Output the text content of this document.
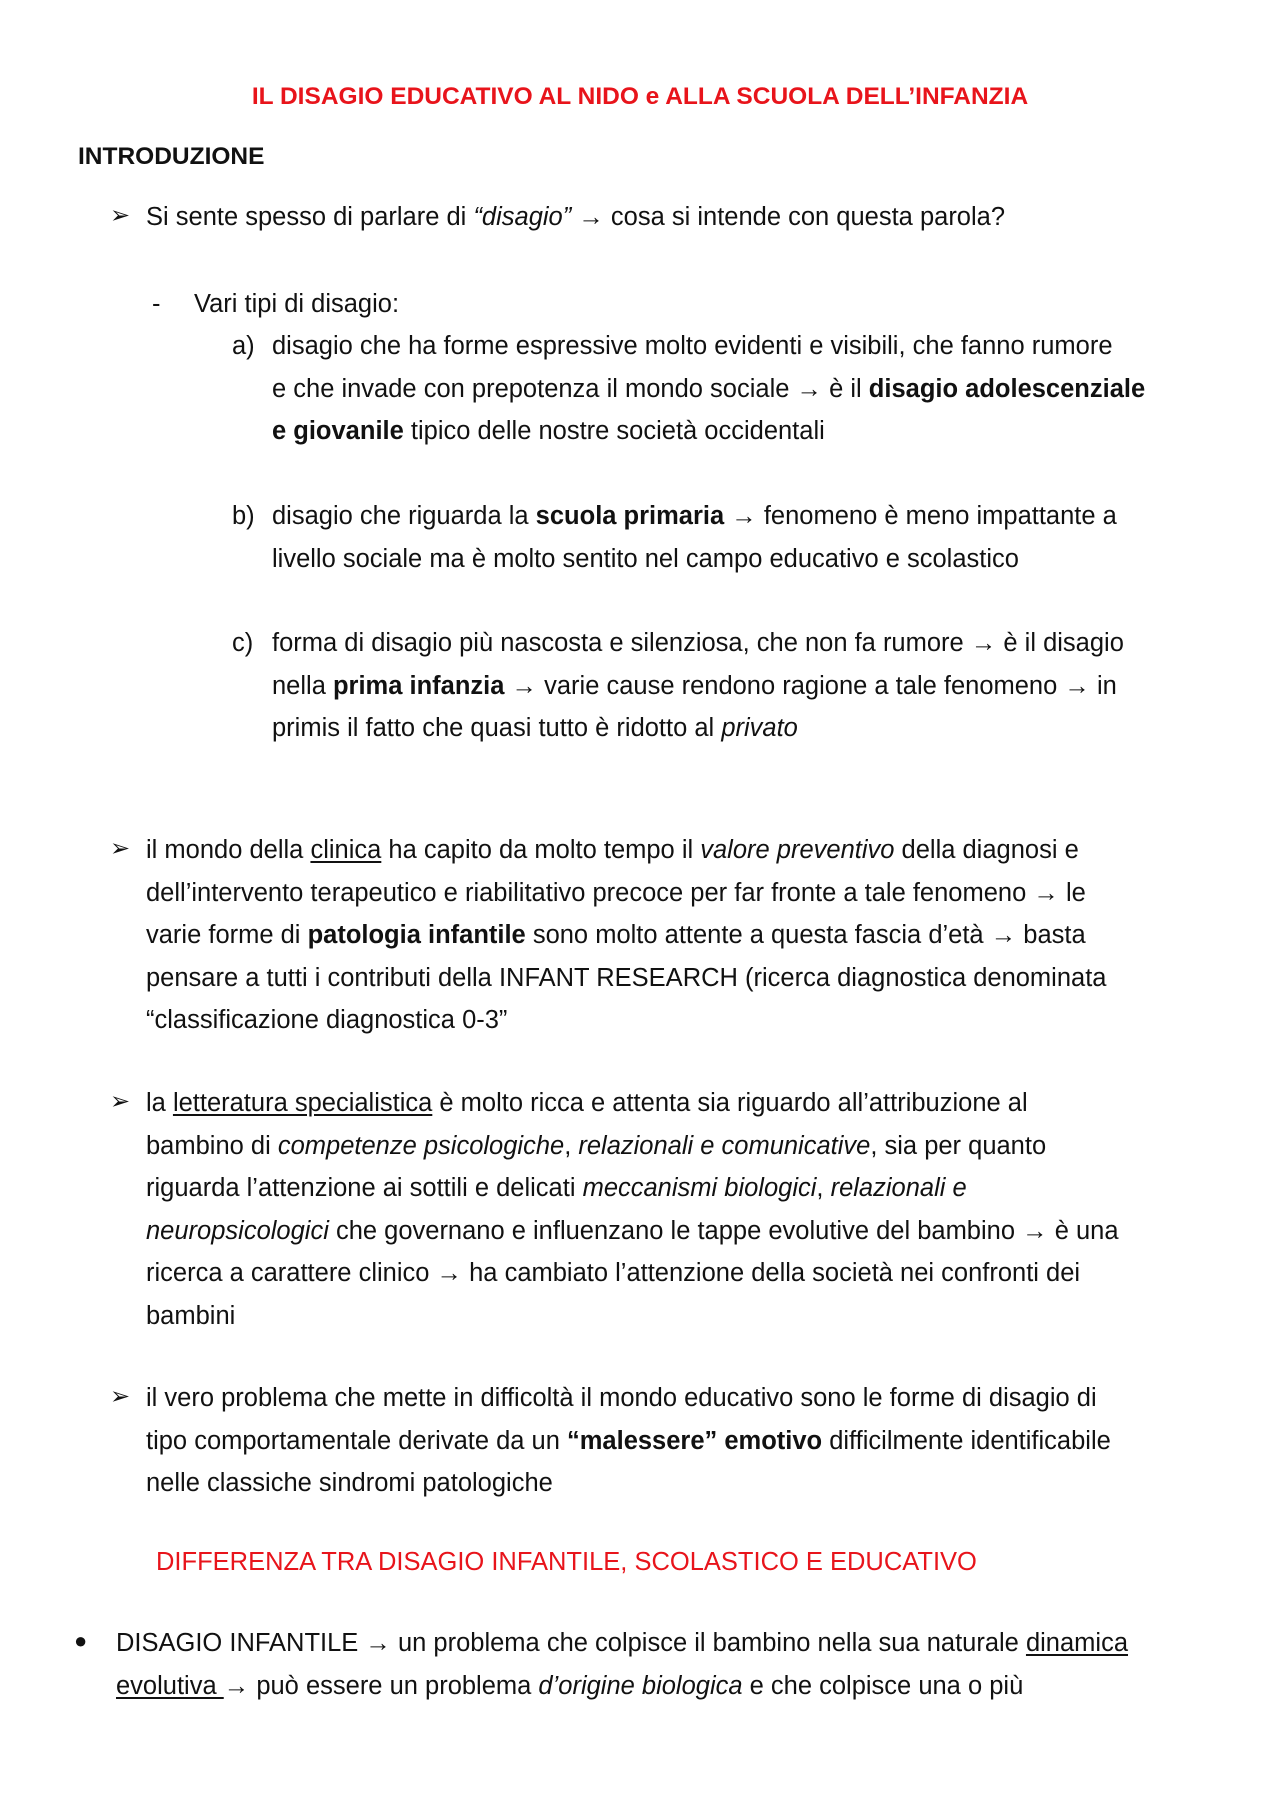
IL DISAGIO EDUCATIVO AL NIDO e ALLA SCUOLA DELL’INFANZIA
INTRODUZIONE
➢ Si sente spesso di parlare di “disagio” → cosa si intende con questa parola?
- Vari tipi di disagio:
a) disagio che ha forme espressive molto evidenti e visibili, che fanno rumore
e che invade con prepotenza il mondo sociale → è il disagio adolescenziale
e giovanile tipico delle nostre società occidentali
b) disagio che riguarda la scuola primaria → fenomeno è meno impattante a
livello sociale ma è molto sentito nel campo educativo e scolastico
c) forma di disagio più nascosta e silenziosa, che non fa rumore → è il disagio
nella prima infanzia → varie cause rendono ragione a tale fenomeno → in
primis il fatto che quasi tutto è ridotto al privato
➢ il mondo della clinica ha capito da molto tempo il valore preventivo della diagnosi e
dell’intervento terapeutico e riabilitativo precoce per far fronte a tale fenomeno → le
varie forme di patologia infantile sono molto attente a questa fascia d’età → basta
pensare a tutti i contributi della INFANT RESEARCH (ricerca diagnostica denominata
“classificazione diagnostica 0-3”
➢ la letteratura specialistica è molto ricca e attenta sia riguardo all’attribuzione al
bambino di competenze psicologiche, relazionali e comunicative, sia per quanto
riguarda l’attenzione ai sottili e delicati meccanismi biologici, relazionali e
neuropsicologici che governano e influenzano le tappe evolutive del bambino → è una
ricerca a carattere clinico → ha cambiato l’attenzione della società nei confronti dei
bambini
➢ il vero problema che mette in difficoltà il mondo educativo sono le forme di disagio di
tipo comportamentale derivate da un “malessere” emotivo difficilmente identificabile
nelle classiche sindromi patologiche
DIFFERENZA TRA DISAGIO INFANTILE, SCOLASTICO E EDUCATIVO
● DISAGIO INFANTILE → un problema che colpisce il bambino nella sua naturale dinamica
evolutiva → può essere un problema d’origine biologica e che colpisce una o più
